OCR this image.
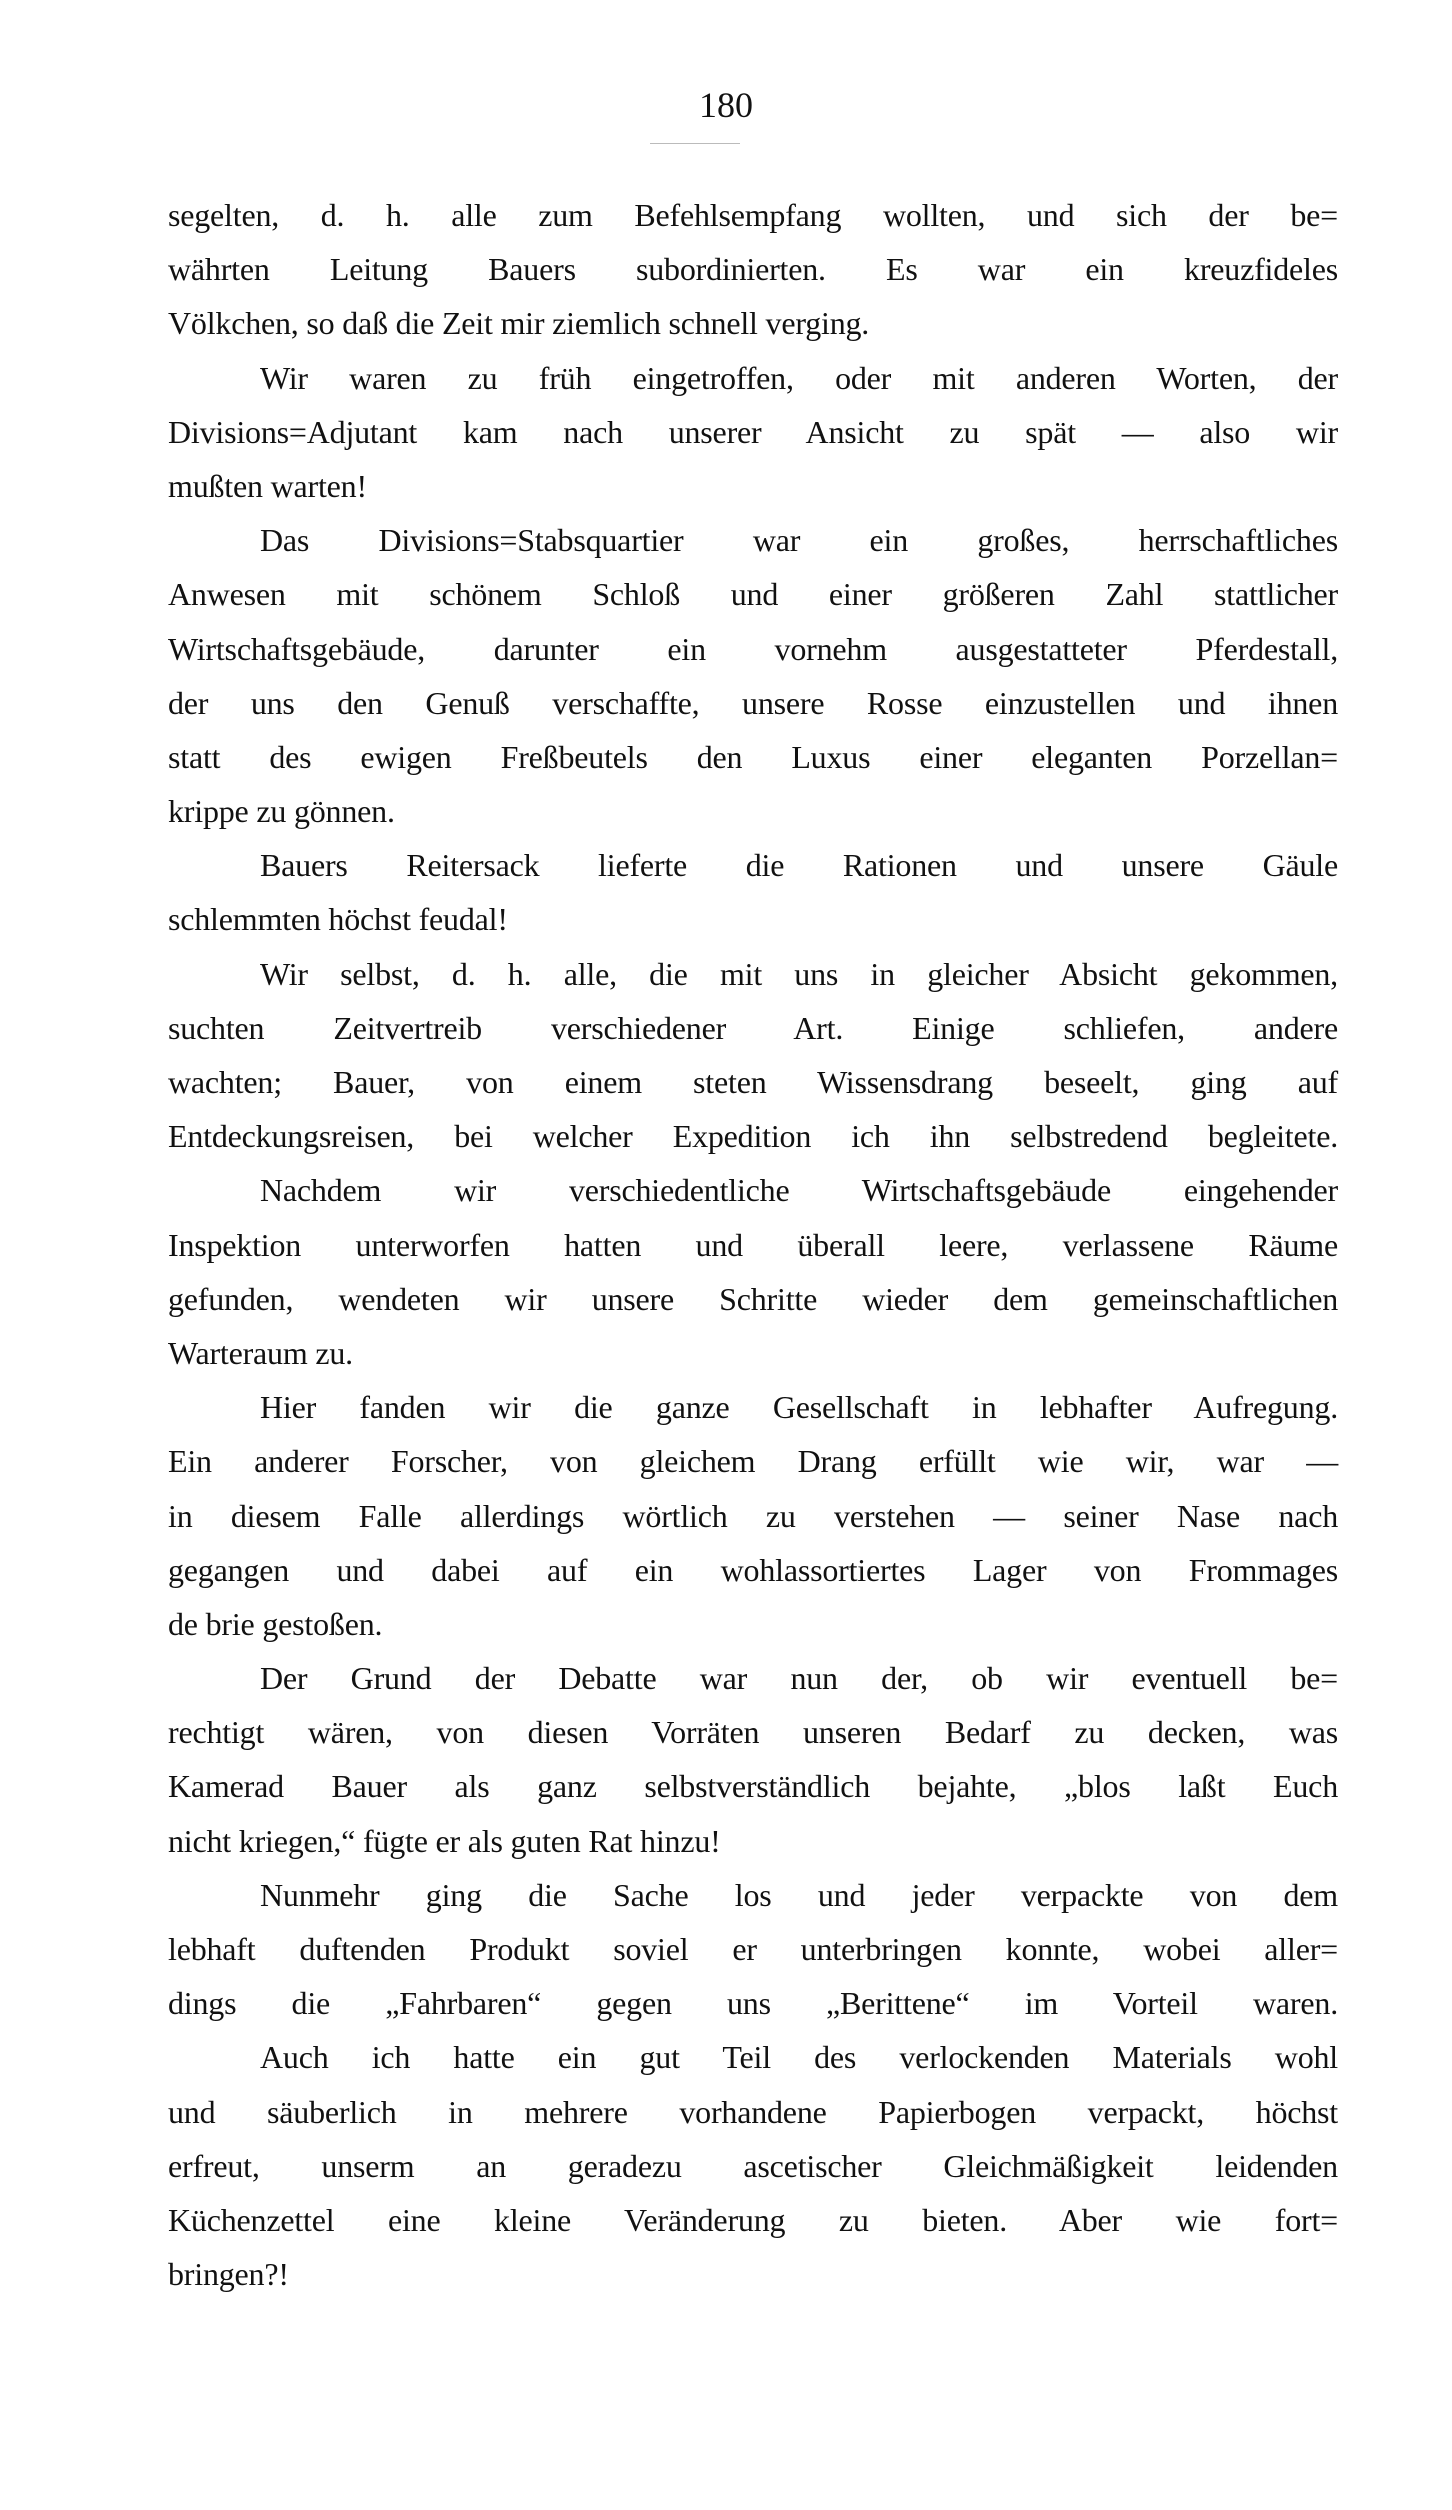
180
segelten, d. h. alle zum Befehlsempfang wollten, und sich der be=
währten Leitung Bauers subordinierten. Es war ein kreuzfideles
Völkchen, so daß die Zeit mir ziemlich schnell verging.
Wir waren zu früh eingetroffen, oder mit anderen Worten, der
Divisions=Adjutant kam nach unserer Ansicht zu spät — also wir
mußten warten!
Das Divisions=Stabsquartier war ein großes, herrschaftliches
Anwesen mit schönem Schloß und einer größeren Zahl stattlicher
Wirtschaftsgebäude, darunter ein vornehm ausgestatteter Pferdestall,
der uns den Genuß verschaffte, unsere Rosse einzustellen und ihnen
statt des ewigen Freßbeutels den Luxus einer eleganten Porzellan=
krippe zu gönnen.
Bauers Reitersack lieferte die Rationen und unsere Gäule
schlemmten höchst feudal!
Wir selbst, d. h. alle, die mit uns in gleicher Absicht gekommen,
suchten Zeitvertreib verschiedener Art. Einige schliefen, andere
wachten; Bauer, von einem steten Wissensdrang beseelt, ging auf
Entdeckungsreisen, bei welcher Expedition ich ihn selbstredend begleitete.
Nachdem wir verschiedentliche Wirtschaftsgebäude eingehender
Inspektion unterworfen hatten und überall leere, verlassene Räume
gefunden, wendeten wir unsere Schritte wieder dem gemeinschaftlichen
Warteraum zu.
Hier fanden wir die ganze Gesellschaft in lebhafter Aufregung.
Ein anderer Forscher, von gleichem Drang erfüllt wie wir, war —
in diesem Falle allerdings wörtlich zu verstehen — seiner Nase nach
gegangen und dabei auf ein wohlassortiertes Lager von Frommages
de brie gestoßen.
Der Grund der Debatte war nun der, ob wir eventuell be=
rechtigt wären, von diesen Vorräten unseren Bedarf zu decken, was
Kamerad Bauer als ganz selbstverständlich bejahte, „blos laßt Euch
nicht kriegen,“ fügte er als guten Rat hinzu!
Nunmehr ging die Sache los und jeder verpackte von dem
lebhaft duftenden Produkt soviel er unterbringen konnte, wobei aller=
dings die „Fahrbaren“ gegen uns „Berittene“ im Vorteil waren.
Auch ich hatte ein gut Teil des verlockenden Materials wohl
und säuberlich in mehrere vorhandene Papierbogen verpackt, höchst
erfreut, unserm an geradezu ascetischer Gleichmäßigkeit leidenden
Küchenzettel eine kleine Veränderung zu bieten. Aber wie fort=
bringen?!
